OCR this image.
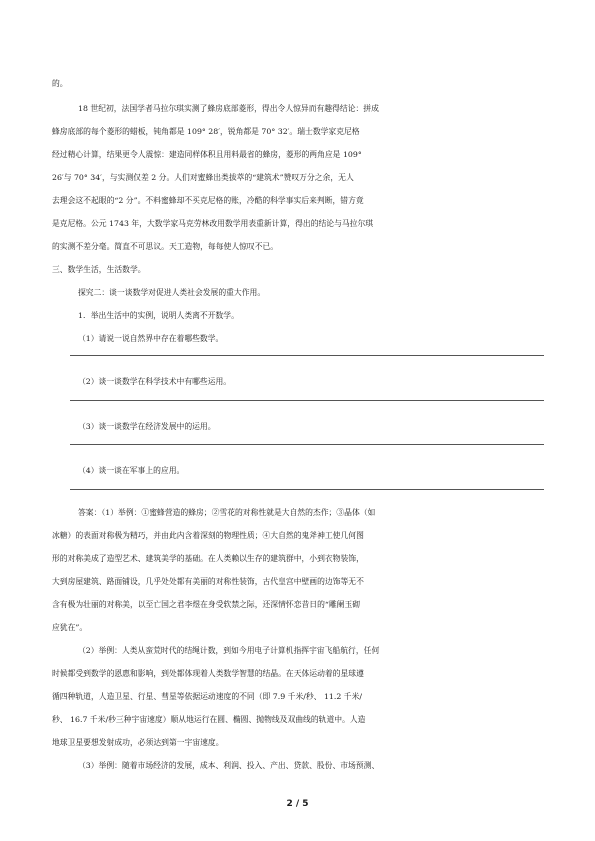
的。
18 世纪初，法国学者马拉尔琪实测了蜂房底部菱形，得出令人惊异而有趣得结论：拼成
蜂房底部的每个菱形的蜡板，钝角都是 109° 28′，锐角都是 70° 32′。瑞士数学家克尼格
经过精心计算，结果更令人震惊：建造同样体积且用料最省的蜂房，菱形的两角应是 109°
26′与 70° 34′，与实测仅差 2 分。人们对蜜蜂出类拔萃的“建筑术”赞叹万分之余，无人
去理会这不起眼的“2 分”。不料蜜蜂却不买克尼格的账，冷酷的科学事实后来判断，错方竟
是克尼格。公元 1743 年，大数学家马克劳林改用数学用表重新计算，得出的结论与马拉尔琪
的实测不差分毫。简直不可思议。天工造物，每每使人惊叹不已。
三、数学生活，生活数学。
探究二：谈一谈数学对促进人类社会发展的重大作用。
1．举出生活中的实例，说明人类离不开数学。
（1）请说一说自然界中存在着哪些数学。
（2）谈一谈数学在科学技术中有哪些运用。
（3）谈一谈数学在经济发展中的运用。
（4）谈一谈在军事上的应用。
答案：（1）举例：①蜜蜂营造的蜂房；②雪花的对称性就是大自然的杰作；③晶体（如
冰糖）的表面对称极为精巧，并由此内含着深刻的物理性质；④大自然的鬼斧神工使几何图
形的对称美成了造型艺术、建筑美学的基础。在人类赖以生存的建筑群中，小到衣物装饰，
大到房屋建筑、路面铺设，几乎处处都有美丽的对称性装饰，古代皇宫中壁画的边饰等无不
含有极为壮丽的对称美，以至亡国之君李煜在身受软禁之际，还深情怀恋昔日的“雕阑玉砌
应犹在”。
（2）举例：人类从蛮荒时代的结绳计数，到如今用电子计算机指挥宇宙飞船航行，任何
时候都受到数学的恩惠和影响，到处都体现着人类数学智慧的结晶。在天体运动着的星球遵
循四种轨道，人造卫星、行星、彗星等依据运动速度的不同（即 7.9 千米/秒、 11.2 千米/
秒、 16.7 千米/秒三种宇宙速度）顺从地运行在圆、椭圆、抛物线及双曲线的轨道中。人造
地球卫星要想发射成功，必须达到第一宇宙速度。
（3）举例：随着市场经济的发展，成本、利润、投入、产出、贷款、股份、市场预测、
2 / 5
